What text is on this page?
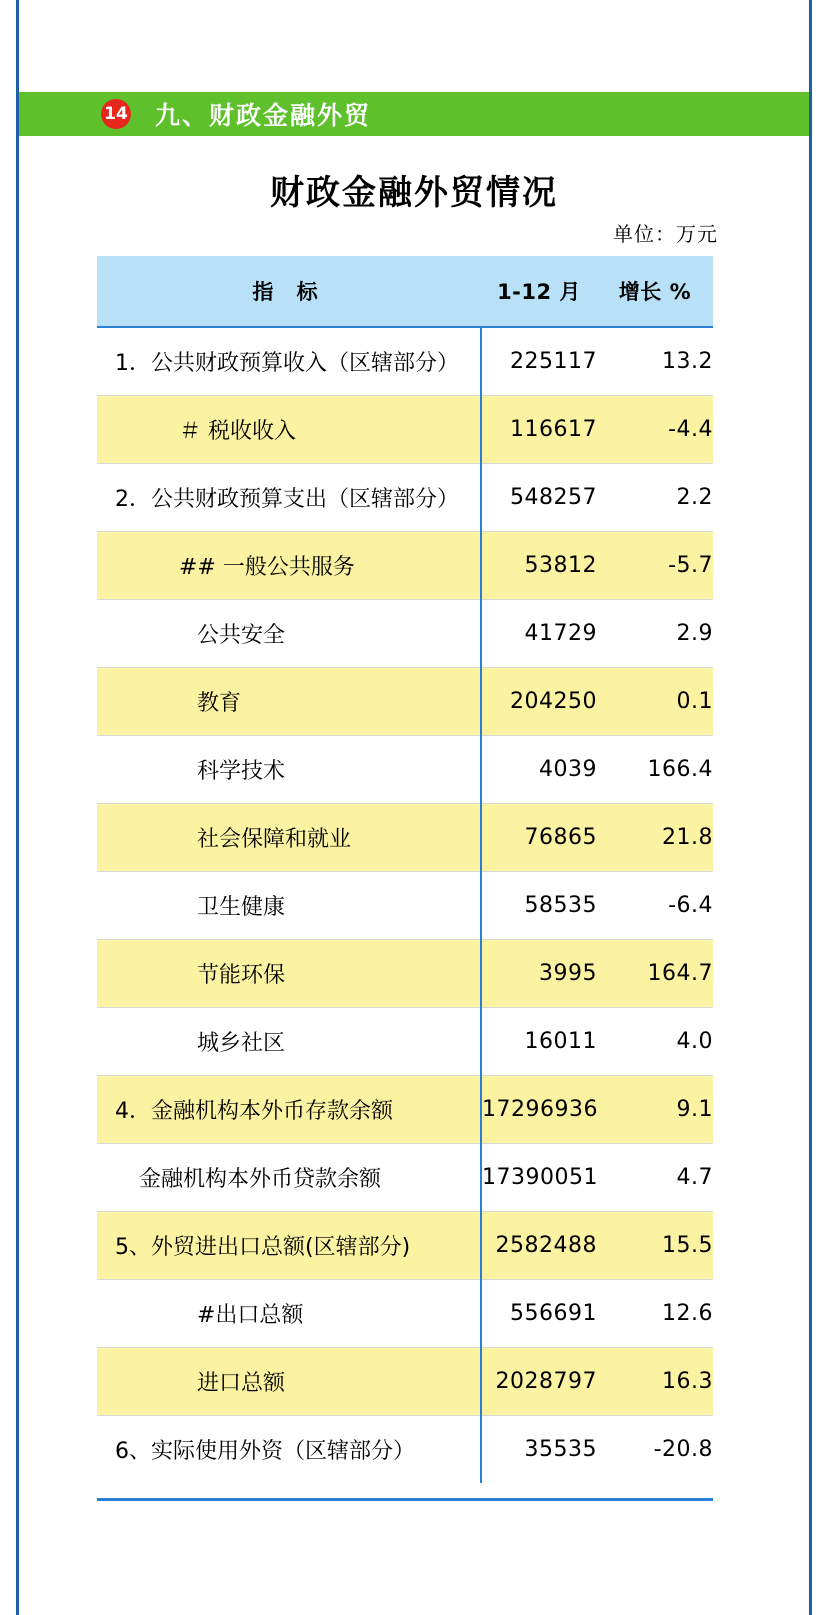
14 九、财政金融外贸
财政金融外贸情况
单位：万元
指 标	1-12 月	增长 %

1．公共财政预算收入（区辖部分）	225117	13.2

＃ 税收收入	116617	-4.4

2．公共财政预算支出（区辖部分）	548257	2.2

## 一般公共服务	53812	-5.7

公共安全	41729	2.9

教育	204250	0.1

科学技术	4039	166.4

社会保障和就业	76865	21.8

卫生健康	58535	-6.4

节能环保	3995	164.7

城乡社区	16011	4.0

4．金融机构本外币存款余额	17296936	9.1

金融机构本外币贷款余额	17390051	4.7

5、外贸进出口总额(区辖部分)	2582488	15.5

#出口总额	556691	12.6

进口总额	2028797	16.3

6、实际使用外资（区辖部分）	35535	-20.8
